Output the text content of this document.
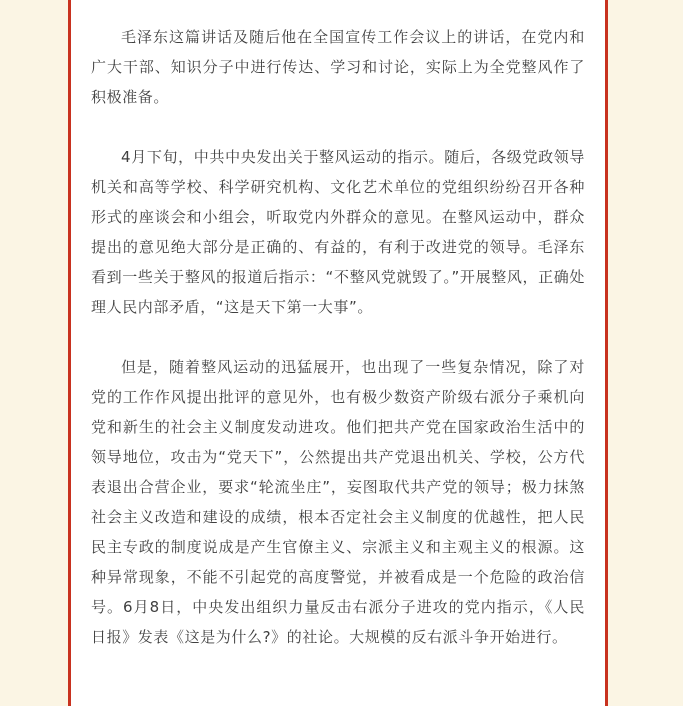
毛泽东这篇讲话及随后他在全国宣传工作会议上的讲话，在党内和广大干部、知识分子中进行传达、学习和讨论，实际上为全党整风作了积极准备。

4月下旬，中共中央发出关于整风运动的指示。随后，各级党政领导机关和高等学校、科学研究机构、文化艺术单位的党组织纷纷召开各种形式的座谈会和小组会，听取党内外群众的意见。在整风运动中，群众提出的意见绝大部分是正确的、有益的，有利于改进党的领导。毛泽东看到一些关于整风的报道后指示：“不整风党就毁了。”开展整风，正确处理人民内部矛盾，“这是天下第一大事”。

但是，随着整风运动的迅猛展开，也出现了一些复杂情况，除了对党的工作作风提出批评的意见外，也有极少数资产阶级右派分子乘机向党和新生的社会主义制度发动进攻。他们把共产党在国家政治生活中的领导地位，攻击为“党天下”，公然提出共产党退出机关、学校，公方代表退出合营企业，要求“轮流坐庄”，妄图取代共产党的领导；极力抹煞社会主义改造和建设的成绩，根本否定社会主义制度的优越性，把人民民主专政的制度说成是产生官僚主义、宗派主义和主观主义的根源。这种异常现象，不能不引起党的高度警觉，并被看成是一个危险的政治信号。6月8日，中央发出组织力量反击右派分子进攻的党内指示，《人民日报》发表《这是为什么?》的社论。大规模的反右派斗争开始进行。
